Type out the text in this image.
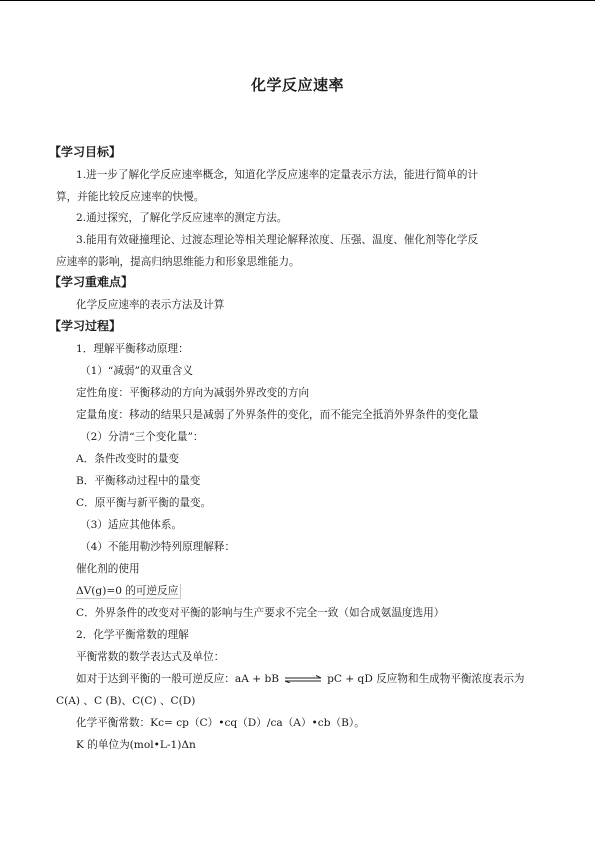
化学反应速率
【学习目标】
1.进一步了解化学反应速率概念，知道化学反应速率的定量表示方法，能进行简单的计
算，并能比较反应速率的快慢。
2.通过探究，了解化学反应速率的测定方法。
3.能用有效碰撞理论、过渡态理论等相关理论解释浓度、压强、温度、催化剂等化学反
应速率的影响，提高归纳思维能力和形象思维能力。
【学习重难点】
化学反应速率的表示方法及计算
【学习过程】
1．理解平衡移动原理：
（1）“减弱”的双重含义
定性角度：平衡移动的方向为减弱外界改变的方向
定量角度：移动的结果只是减弱了外界条件的变化，而不能完全抵消外界条件的变化量
（2）分清“三个变化量”：
A．条件改变时的量变
B．平衡移动过程中的量变
C．原平衡与新平衡的量变。
（3）适应其他体系。
（4）不能用勒沙特列原理解释：
催化剂的使用
ΔV(g)=0 的可逆反应
C．外界条件的改变对平衡的影响与生产要求不完全一致（如合成氨温度选用）
2．化学平衡常数的理解
平衡常数的数学表达式及单位：
如对于达到平衡的一般可逆反应：aA + bB ⇌ pC + qD 反应物和生成物平衡浓度表示为
C(A) 、C (B)、C(C) 、C(D)
化学平衡常数：Kc= cp（C）•cq（D）/ca（A）•cb（B）。
K 的单位为(mol•L-1)Δn
